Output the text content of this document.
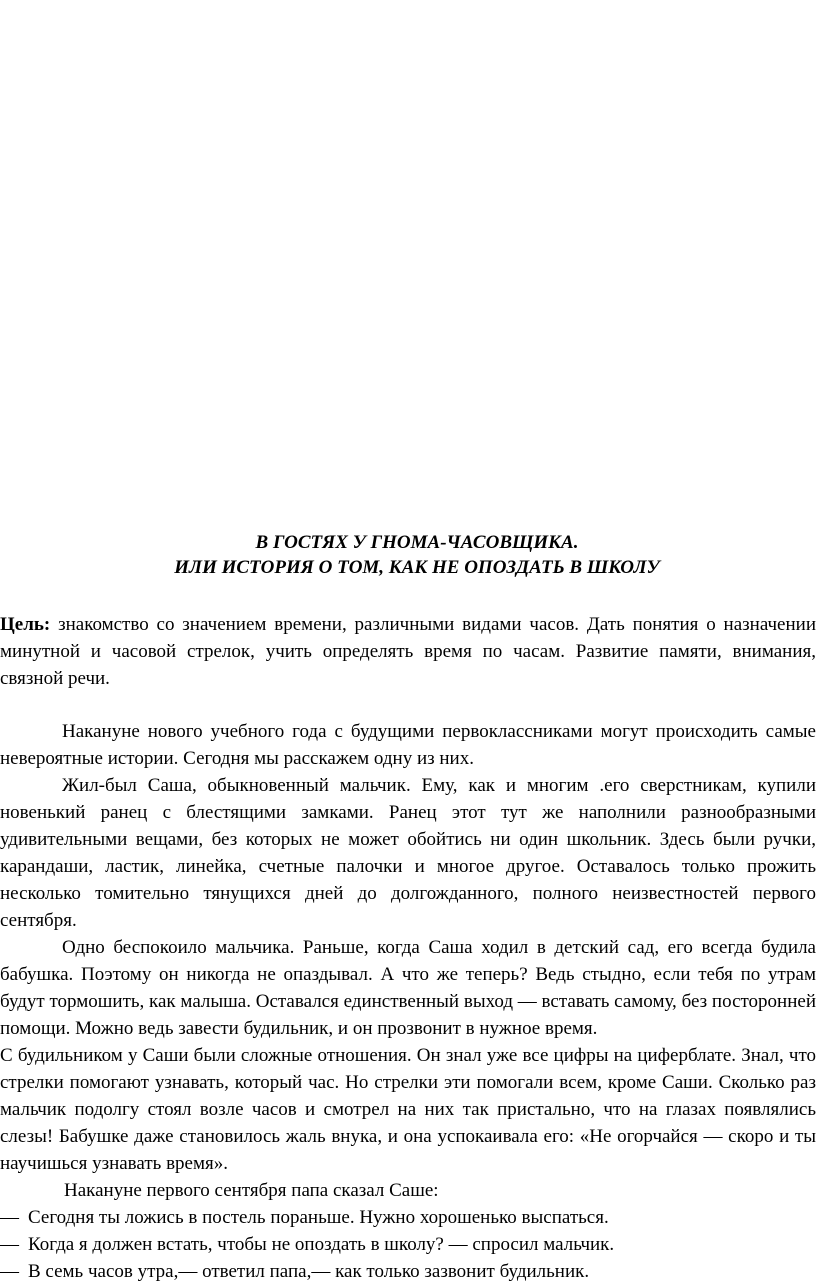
В ГОСТЯХ У ГНОМА-ЧАСОВЩИКА.

ИЛИ ИСТОРИЯ О ТОМ, КАК НЕ ОПОЗДАТЬ В ШКОЛУ

Цель: знакомство со значением времени, различными видами часов. Дать понятия о назначении минутной и часовой стрелок, учить определять время по часам. Развитие памяти, внимания, связной речи.

Накануне нового учебного года с будущими первоклассниками могут происходить самые невероятные истории. Сегодня мы расскажем одну из них.

Жил-был Саша, обыкновенный мальчик. Ему, как и многим .его сверстникам, купили новенький ранец с блестящими замками. Ранец этот тут же наполнили разнообразными удивительными вещами, без которых не может обойтись ни один школьник. Здесь были ручки, карандаши, ластик, линейка, счетные палочки и многое другое. Оставалось только прожить несколько томительно тянущихся дней до долгожданного, полного неизвестностей первого сентября.

Одно беспокоило мальчика. Раньше, когда Саша ходил в детский сад, его всегда будила бабушка. Поэтому он никогда не опаздывал. А что же теперь? Ведь стыдно, если тебя по утрам будут тормошить, как малыша. Оставался единственный выход — вставать самому, без посторонней помощи. Можно ведь завести будильник, и он прозвонит в нужное время.

С будильником у Саши были сложные отношения. Он знал уже все цифры на циферблате. Знал, что стрелки помогают узнавать, который час. Но стрелки эти помогали всем, кроме Саши. Сколько раз мальчик подолгу стоял возле часов и смотрел на них так пристально, что на глазах появлялись слезы! Бабушке даже становилось жаль внука, и она успокаивала его: «Не огорчайся — скоро и ты научишься узнавать время».

Накануне первого сентября папа сказал Саше:

— Сегодня ты ложись в постель пораньше. Нужно хорошенько выспаться.

— Когда я должен встать, чтобы не опоздать в школу? — спросил мальчик.

— В семь часов утра,— ответил папа,— как только зазвонит будильник.
